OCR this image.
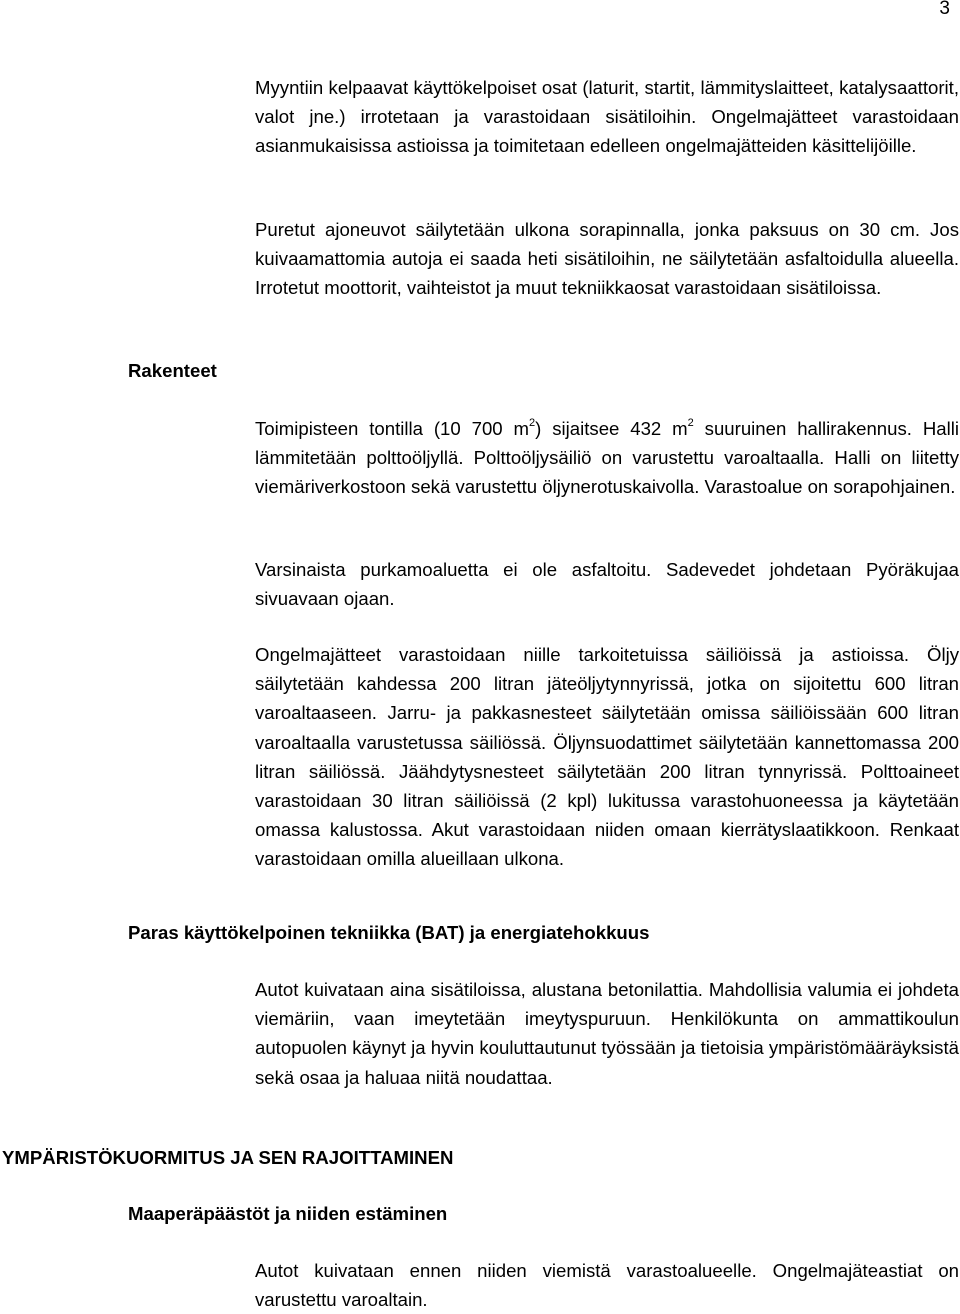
3

Myyntiin kelpaavat käyttökelpoiset osat (laturit, startit, lämmityslaitteet, katalysaattorit, valot jne.) irrotetaan ja varastoidaan sisätiloihin. Ongelmajätteet varastoidaan asianmukaisissa astioissa ja toimitetaan edelleen ongelmajätteiden käsittelijöille.

Puretut ajoneuvot säilytetään ulkona sorapinnalla, jonka paksuus on 30 cm. Jos kuivaamattomia autoja ei saada heti sisätiloihin, ne säilytetään asfaltoidulla alueella. Irrotetut moottorit, vaihteistot ja muut tekniikkaosat varastoidaan sisätiloissa.

Rakenteet

Toimipisteen tontilla (10 700 $m^2$) sijaitsee 432 $m^2$ suuruinen hallirakennus. Halli lämmitetään polttoöljyllä. Polttoöljysäiliö on varustettu varoaltaalla. Halli on liitetty viemäriverkostoon sekä varustettu öljynerotuskaivolla. Varastoalue on sorapohjainen.

Varsinaista purkamoaluetta ei ole asfaltoitu. Sadevedet johdetaan Pyöräkujaa sivuavaan ojaan.

Ongelmajätteet varastoidaan niille tarkoitetuissa säiliöissä ja astioissa. Öljy säilytetään kahdessa 200 litran jäteöljytynnyrissä, jotka on sijoitettu 600 litran varoaltaaseen. Jarru- ja pakkasnesteet säilytetään omissa säiliöissään 600 litran varoaltaalla varustetussa säiliössä. Öljynsuodattimet säilytetään kannettomassa 200 litran säiliössä. Jäähdytysnesteet säilytetään 200 litran tynnyrissä. Polttoaineet varastoidaan 30 litran säiliöissä (2 kpl) lukitussa varastohuoneessa ja käytetään omassa kalustossa. Akut varastoidaan niiden omaan kierrätyslaatikkoon. Renkaat varastoidaan omilla alueillaan ulkona.

Paras käyttökelpoinen tekniikka (BAT) ja energiatehokkuus

Autot kuivataan aina sisätiloissa, alustana betonilattia. Mahdollisia valumia ei johdeta viemäriin, vaan imeytetään imeytyspuruun. Henkilökunta on ammattikoulun autopuolen käynyt ja hyvin kouluttautunut työssään ja tietoisia ympäristömääräyksistä sekä osaa ja haluaa niitä noudattaa.

YMPÄRISTÖKUORMITUS JA SEN RAJOITTAMINEN
Maaperäpäästöt ja niiden estäminen

Autot kuivataan ennen niiden viemistä varastoalueelle. Ongelmajäteastiat on varustettu varoaltain.
